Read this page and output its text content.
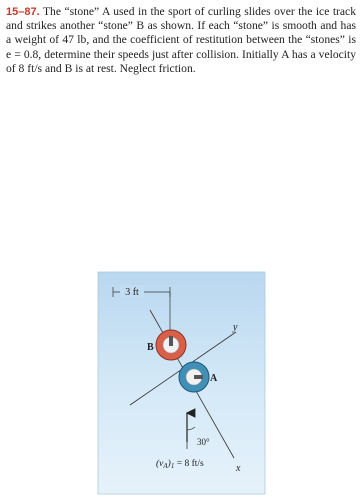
15–87. The “stone” A used in the sport of curling slides over the ice track and strikes another “stone” B as shown. If each “stone” is smooth and has a weight of 47 lb, and the coefficient of restitution between the “stones” is e = 0.8, determine their speeds just after collision. Initially A has a velocity of 8 ft/s and B is at rest. Neglect friction.
3 ft
y
x
B
A
30°
$(v_A)_1 = 8$ ft/s
